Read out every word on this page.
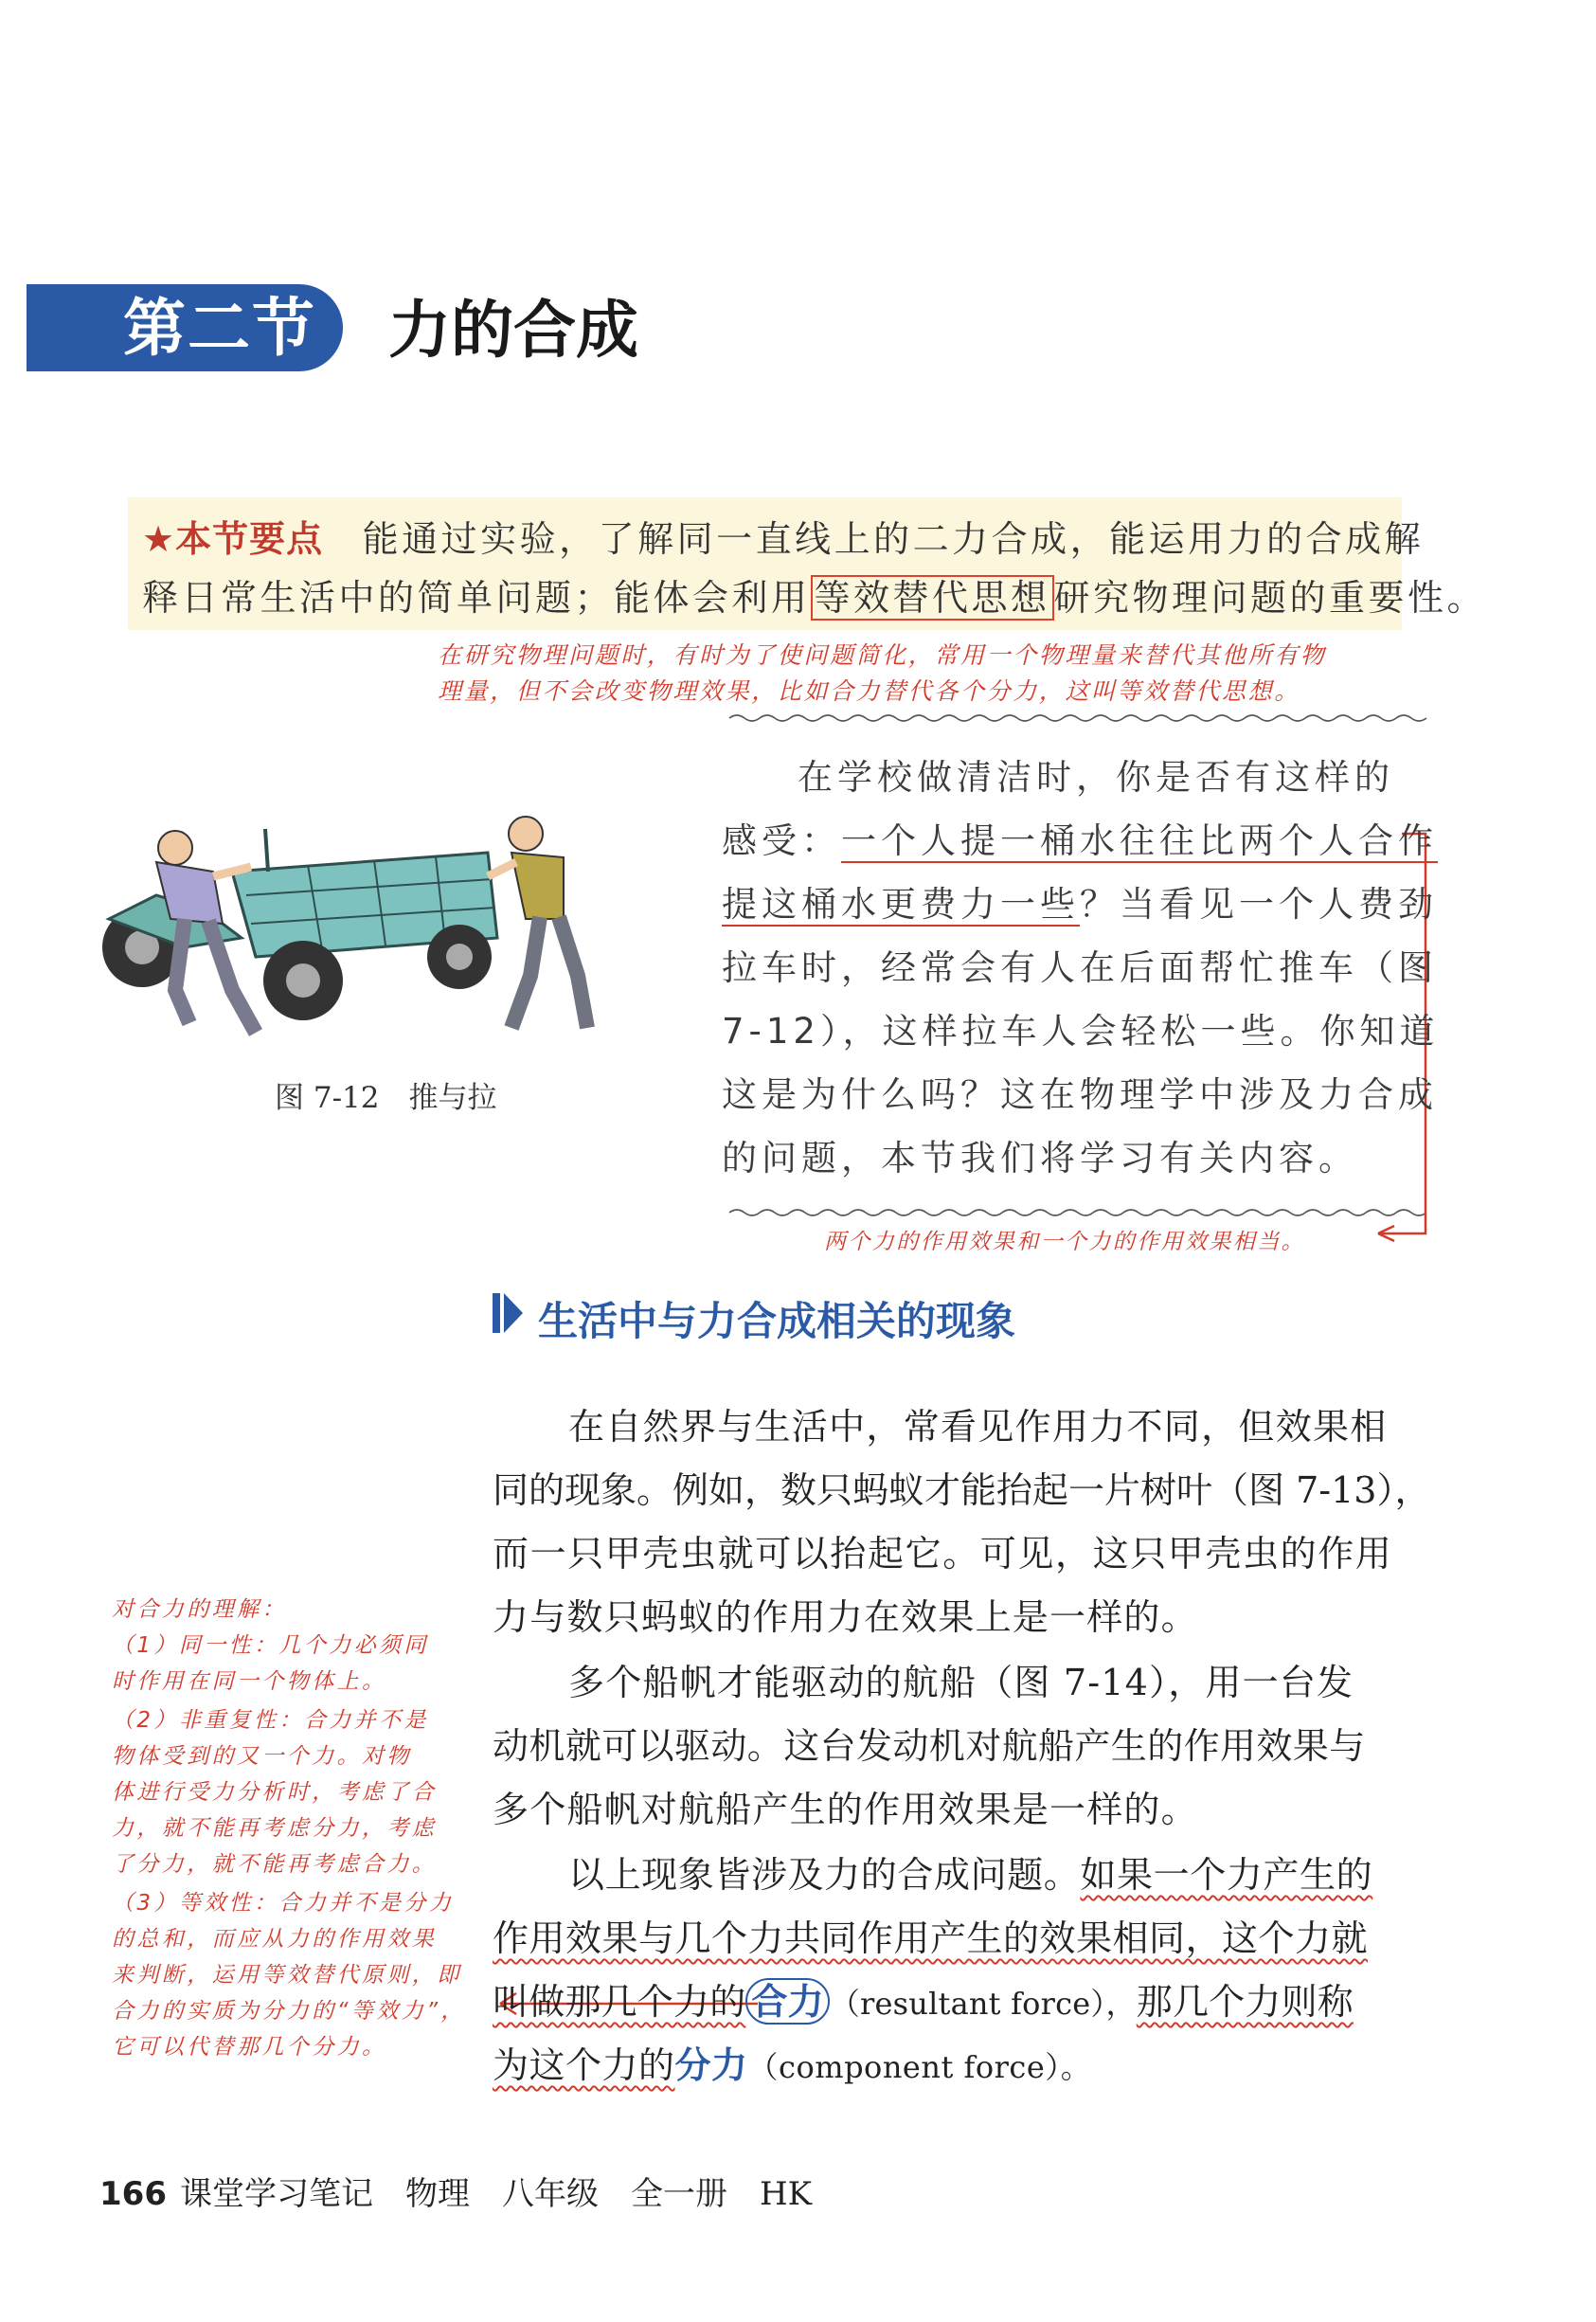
第二节 力的合成
★本节要点　 能通过实验，了解同一直线上的二力合成，能运用力的合成解
释日常生活中的简单问题；能体会利用 等效替代思想 研究物理问题的重要性。
在研究物理问题时，有时为了使问题简化，常用一个物理量来替代其他所有物
理量，但不会改变物理效果，比如合力替代各个分力，这叫等效替代思想。
在学校做清洁时，你是否有这样的
感受：一个人提一桶水往往比两个人合作
提这桶水更费力一些？当看见一个人费劲
拉车时，经常会有人在后面帮忙推车（图
7-12），这样拉车人会轻松一些。你知道
这是为什么吗？这在物理学中涉及力合成
的问题，本节我们将学习有关内容。
图 7-12　推与拉
两个力的作用效果和一个力的作用效果相当。
生活中与力合成相关的现象
在自然界与生活中，常看见作用力不同，但效果相
同的现象。例如，数只蚂蚁才能抬起一片树叶（图 7-13），
而一只甲壳虫就可以抬起它。可见，这只甲壳虫的作用
力与数只蚂蚁的作用力在效果上是一样的。
多个船帆才能驱动的航船（图 7-14），用一台发
动机就可以驱动。这台发动机对航船产生的作用效果与
多个船帆对航船产生的作用效果是一样的。
以上现象皆涉及力的合成问题。如果一个力产生的
作用效果与几个力共同作用产生的效果相同，这个力就
叫做那几个力的 合力 （resultant force），那几个力则称
为这个力的分力（component force）。
对合力的理解：
（1）同一性：几个力必须同
时作用在同一个物体上。
（2）非重复性：合力并不是
物体受到的又一个力。对物
体进行受力分析时，考虑了合
力，就不能再考虑分力，考虑
了分力，就不能再考虑合力。
（3）等效性：合力并不是分力
的总和，而应从力的作用效果
来判断，运用等效替代原则，即
合力的实质为分力的“等效力”，
它可以代替那几个分力。
166 课堂学习笔记　物理　八年级　全一册　HK
